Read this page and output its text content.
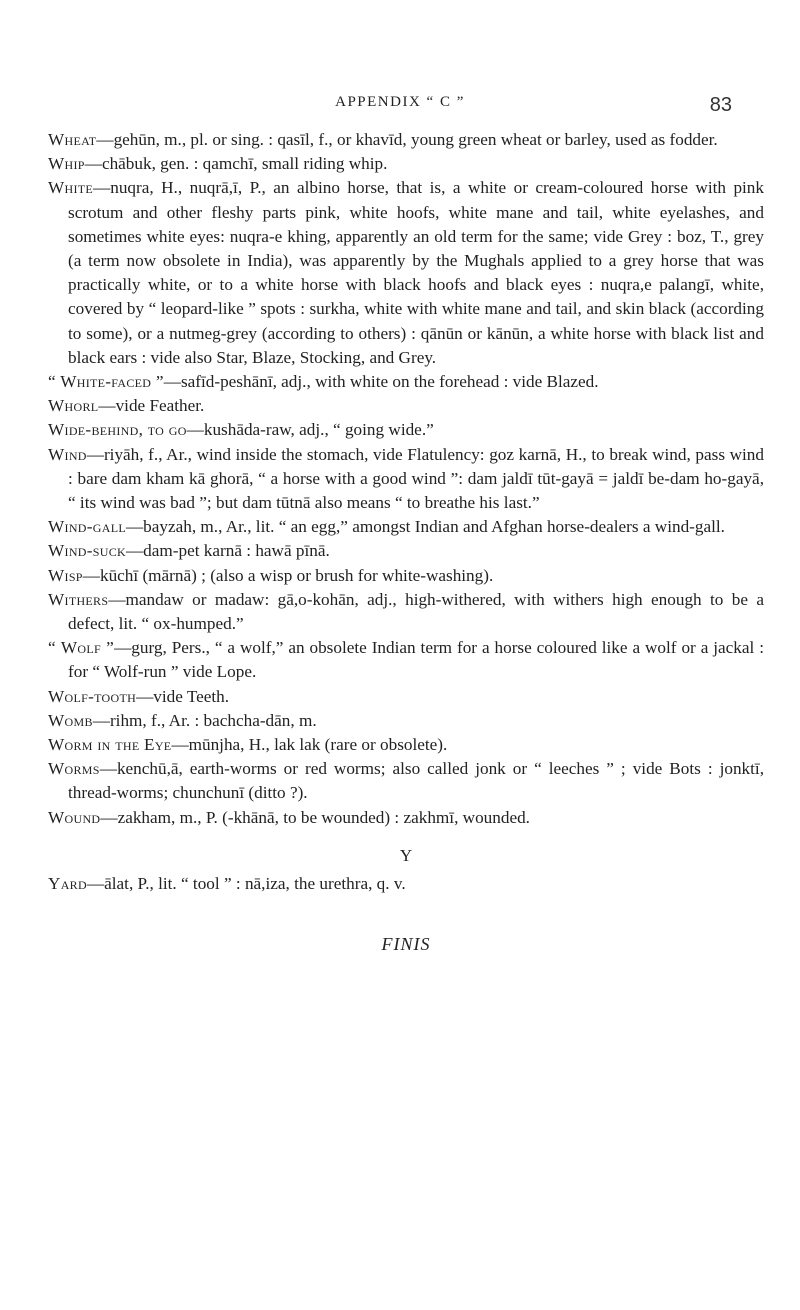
APPENDIX “ C ”	83

Wheat—gehūn, m., pl. or sing. : qasīl, f., or khavīd, young green wheat or barley, used as fodder.

Whip—chābuk, gen. : qamchī, small riding whip.

White—nuqra, H., nuqrā,ī, P., an albino horse, that is, a white or cream-coloured horse with pink scrotum and other fleshy parts pink, white hoofs, white mane and tail, white eyelashes, and sometimes white eyes: nuqra-e khing, apparently an old term for the same; vide Grey : boz, T., grey (a term now obsolete in India), was apparently by the Mughals applied to a grey horse that was practically white, or to a white horse with black hoofs and black eyes : nuqra,e palangī, white, covered by “ leopard-like ” spots : surkha, white with white mane and tail, and skin black (according to some), or a nutmeg-grey (according to others) : qānūn or kānūn, a white horse with black list and black ears : vide also Star, Blaze, Stocking, and Grey.

“ White-faced ”—safīd-peshānī, adj., with white on the forehead : vide Blazed.

Whorl—vide Feather.

Wide-behind, to go—kushāda-raw, adj., “ going wide.”

Wind—riyāh, f., Ar., wind inside the stomach, vide Flatulency: goz karnā, H., to break wind, pass wind : bare dam kham kā ghorā, “ a horse with a good wind ”: dam jaldī tūt-gayā = jaldī be-dam ho-gayā, “ its wind was bad ”; but dam tūtnā also means “ to breathe his last.”

Wind-gall—bayzah, m., Ar., lit. “ an egg,” amongst Indian and Afghan horse-dealers a wind-gall.

Wind-suck—dam-pet karnā : hawā pīnā.

Wisp—kūchī (mārnā) ; (also a wisp or brush for white-washing).

Withers—mandaw or madaw: gā,o-kohān, adj., high-withered, with withers high enough to be a defect, lit. “ ox-humped.”

“ Wolf ”—gurg, Pers., “ a wolf,” an obsolete Indian term for a horse coloured like a wolf or a jackal : for “ Wolf-run ” vide Lope.

Wolf-tooth—vide Teeth.

Womb—rihm, f., Ar. : bachcha-dān, m.

Worm in the Eye—mūnjha, H., lak lak (rare or obsolete).

Worms—kenchū,ā, earth-worms or red worms; also called jonk or “ leeches ” ; vide Bots : jonktī, thread-worms; chunchunī (ditto ?).

Wound—zakham, m., P. (-khānā, to be wounded) : zakhmī, wounded.

Y

Yard—ālat, P., lit. “ tool ” : nā,iza, the urethra, q. v.

FINIS
